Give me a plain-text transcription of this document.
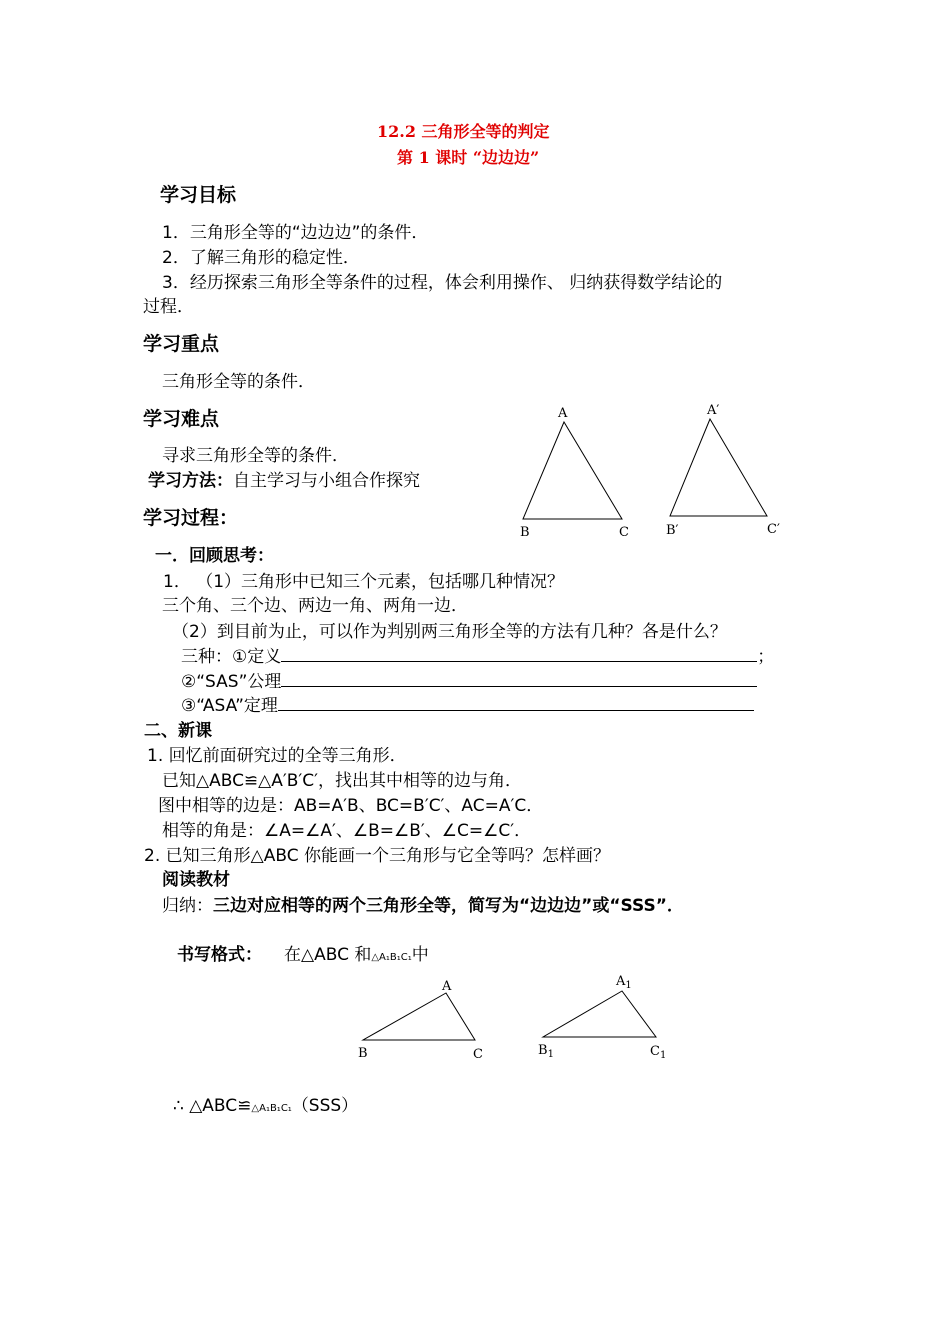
12.2 三角形全等的判定
第 1 课时 “边边边”
学习目标
1．三角形全等的“边边边”的条件．
2．了解三角形的稳定性．
3．经历探索三角形全等条件的过程，体会利用操作、 归纳获得数学结论的
过程．
学习重点
三角形全等的条件．
学习难点
寻求三角形全等的条件．
学习方法：自主学习与小组合作探究
学习过程：
A
B	C
A′
B′	C′
一．回顾思考：
1． （1）三角形中已知三个元素，包括哪几种情况？
三个角、三个边、两边一角、两角一边．
（2）到目前为止，可以作为判别两三角形全等的方法有几种？各是什么？
三种：①定义	；
②“SAS”公理
③“ASA”定理
二、新课
1. 回忆前面研究过的全等三角形．
已知△ABC≌△A′B′C′，找出其中相等的边与角．
图中相等的边是：AB=A′B、BC=B′C′、AC=A′C．
相等的角是：∠A=∠A′、∠B=∠B′、∠C=∠C′．
2. 已知三角形△ABC 你能画一个三角形与它全等吗？怎样画？
阅读教材
归纳：三边对应相等的两个三角形全等，简写为“边边边”或“SSS”．
书写格式： 在△ABC 和△A₁B₁C₁中
A
B	C
$A_1$
$B_1$	$C_1$
∴ △ABC≌△A₁B₁C₁（SSS）
